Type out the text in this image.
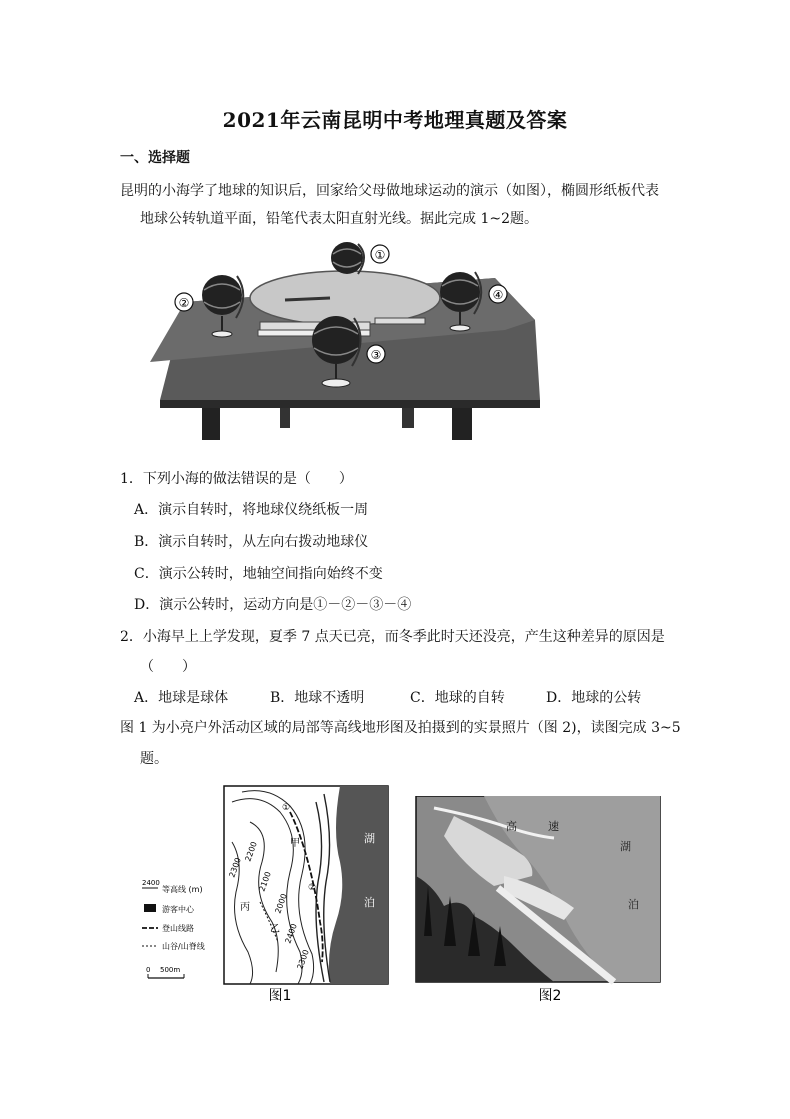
2021年云南昆明中考地理真题及答案
一、选择题
昆明的小海学了地球的知识后，回家给父母做地球运动的演示（如图），椭圆形纸板代表
地球公转轨道平面，铅笔代表太阳直射光线。据此完成 1~2题。
①
②
③
④
1．下列小海的做法错误的是（　　）
A．演示自转时，将地球仪绕纸板一周
B．演示自转时，从左向右拨动地球仪
C．演示公转时，地轴空间指向始终不变
D．演示公转时，运动方向是①－②－③－④
2．小海早上上学发现，夏季 7 点天已亮，而冬季此时天还没亮，产生这种差异的原因是
（　　）
A．地球是球体	B．地球不透明	C．地球的自转	D．地球的公转
图 1 为小亮户外活动区域的局部等高线地形图及拍摄到的实景照片（图 2)，读图完成 3~5
题。
2300
2200
2100
2000
2400
2300
丙
乙
甲	湖
泊
①
②
2400
等高线 (m)
游客中心
登山线路
山谷/山脊线
0 500m
图1
高	速
湖
泊
图2
